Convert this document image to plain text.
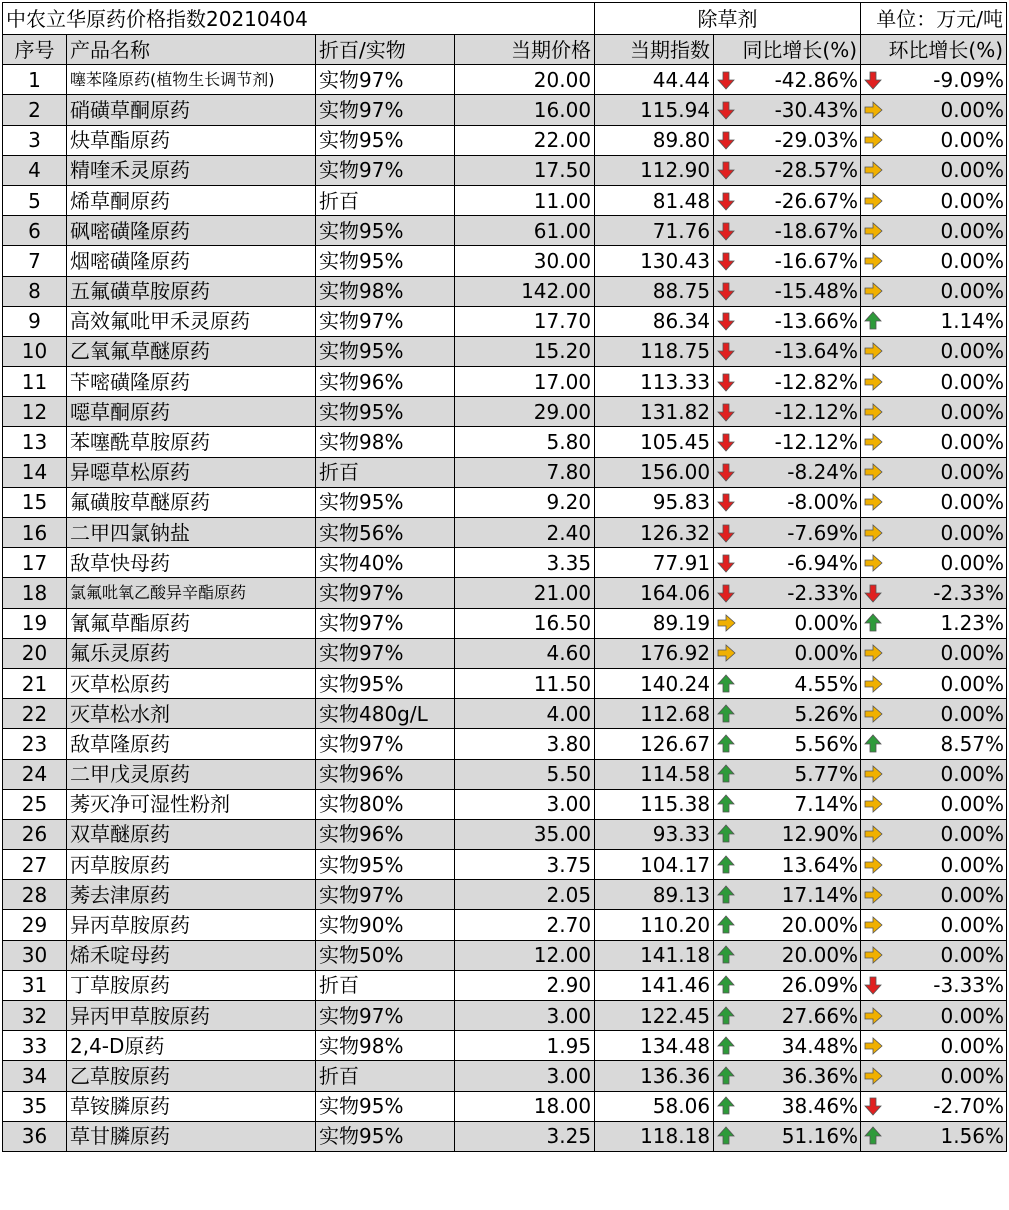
中农立华原药价格指数20210404				除草剂		单位：万元/吨
序号	产品名称	折百/实物	当期价格	当期指数	同比增长(%)	环比增长(%)
1	噻苯隆原药(植物生长调节剂)	实物97%	20.00	44.44	-42.86%	-9.09%

2	硝磺草酮原药	实物97%	16.00	115.94	-30.43%	0.00%

3	炔草酯原药	实物95%	22.00	89.80	-29.03%	0.00%

4	精喹禾灵原药	实物97%	17.50	112.90	-28.57%	0.00%

5	烯草酮原药	折百	11.00	81.48	-26.67%	0.00%

6	砜嘧磺隆原药	实物95%	61.00	71.76	-18.67%	0.00%

7	烟嘧磺隆原药	实物95%	30.00	130.43	-16.67%	0.00%

8	五氟磺草胺原药	实物98%	142.00	88.75	-15.48%	0.00%

9	高效氟吡甲禾灵原药	实物97%	17.70	86.34	-13.66%	1.14%

10	乙氧氟草醚原药	实物95%	15.20	118.75	-13.64%	0.00%

11	苄嘧磺隆原药	实物96%	17.00	113.33	-12.82%	0.00%

12	噁草酮原药	实物95%	29.00	131.82	-12.12%	0.00%

13	苯噻酰草胺原药	实物98%	5.80	105.45	-12.12%	0.00%

14	异噁草松原药	折百	7.80	156.00	-8.24%	0.00%

15	氟磺胺草醚原药	实物95%	9.20	95.83	-8.00%	0.00%

16	二甲四氯钠盐	实物56%	2.40	126.32	-7.69%	0.00%

17	敌草快母药	实物40%	3.35	77.91	-6.94%	0.00%

18	氯氟吡氧乙酸异辛酯原药	实物97%	21.00	164.06	-2.33%	-2.33%

19	氰氟草酯原药	实物97%	16.50	89.19	0.00%	1.23%

20	氟乐灵原药	实物97%	4.60	176.92	0.00%	0.00%

21	灭草松原药	实物95%	11.50	140.24	4.55%	0.00%

22	灭草松水剂	实物480g/L	4.00	112.68	5.26%	0.00%

23	敌草隆原药	实物97%	3.80	126.67	5.56%	8.57%

24	二甲戊灵原药	实物96%	5.50	114.58	5.77%	0.00%

25	莠灭净可湿性粉剂	实物80%	3.00	115.38	7.14%	0.00%

26	双草醚原药	实物96%	35.00	93.33	12.90%	0.00%

27	丙草胺原药	实物95%	3.75	104.17	13.64%	0.00%

28	莠去津原药	实物97%	2.05	89.13	17.14%	0.00%

29	异丙草胺原药	实物90%	2.70	110.20	20.00%	0.00%

30	烯禾啶母药	实物50%	12.00	141.18	20.00%	0.00%

31	丁草胺原药	折百	2.90	141.46	26.09%	-3.33%

32	异丙甲草胺原药	实物97%	3.00	122.45	27.66%	0.00%

33	2,4-D原药	实物98%	1.95	134.48	34.48%	0.00%

34	乙草胺原药	折百	3.00	136.36	36.36%	0.00%

35	草铵膦原药	实物95%	18.00	58.06	38.46%	-2.70%

36	草甘膦原药	实物95%	3.25	118.18	51.16%	1.56%
